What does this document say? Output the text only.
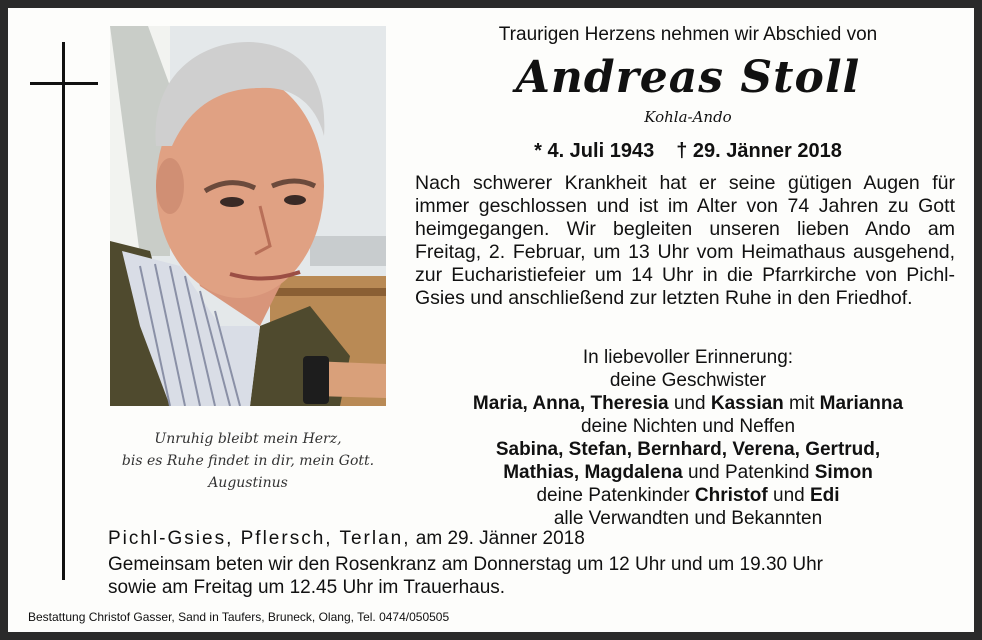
Unruhig bleibt mein Herz,
bis es Ruhe findet in dir, mein Gott.
Augustinus
Traurigen Herzens nehmen wir Abschied von
Andreas Stoll
Kohla-Ando
* 4. Juli 1943 † 29. Jänner 2018
Nach schwerer Krankheit hat er seine gütigen Augen für immer geschlossen und ist im Alter von 74 Jahren zu Gott heimgegangen. Wir begleiten unseren lieben Ando am Freitag, 2. Februar, um 13 Uhr vom Heimathaus ausgehend, zur Eucharistiefeier um 14 Uhr in die Pfarrkirche von Pichl-Gsies und anschließend zur letzten Ruhe in den Friedhof.
In liebevoller Erinnerung:
deine Geschwister
Maria, Anna, Theresia und Kassian mit Marianna
deine Nichten und Neffen
Sabina, Stefan, Bernhard, Verena, Gertrud,
Mathias, Magdalena und Patenkind Simon
deine Patenkinder Christof und Edi
alle Verwandten und Bekannten
Pichl-Gsies, Pflersch, Terlan, am 29. Jänner 2018
Gemeinsam beten wir den Rosenkranz am Donnerstag um 12 Uhr und um 19.30 Uhr
sowie am Freitag um 12.45 Uhr im Trauerhaus.
Bestattung Christof Gasser, Sand in Taufers, Bruneck, Olang, Tel. 0474/050505
